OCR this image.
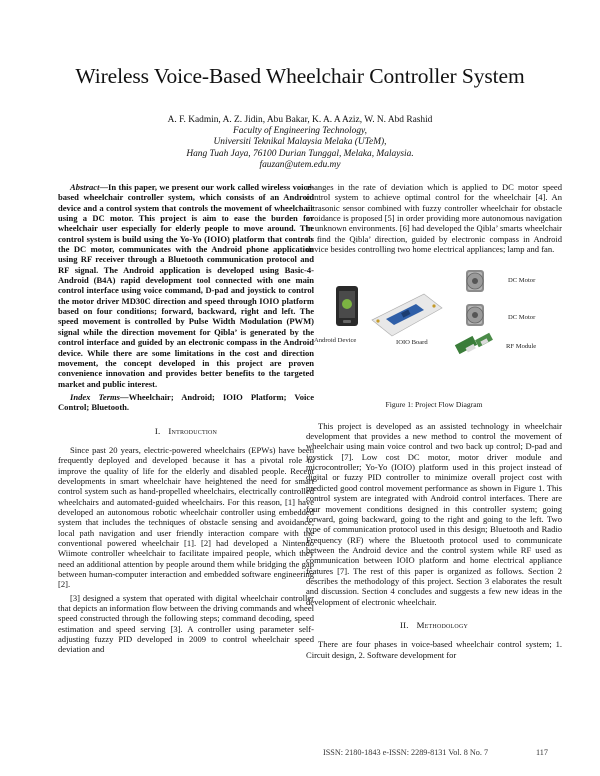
Wireless Voice-Based Wheelchair Controller System
A. F. Kadmin, A. Z. Jidin, Abu Bakar, K. A. A Aziz, W. N. Abd Rashid
Faculty of Engineering Technology,
Universiti Teknikal Malaysia Melaka (UTeM),
Hang Tuah Jaya, 76100 Durian Tunggal, Melaka, Malaysia.
fauzan@utem.edu.my

Abstract—In this paper, we present our work called wireless voice-based wheelchair controller system, which consists of an Android device and a control system that controls the movement of wheelchair using a DC motor. This project is aim to ease the burden for wheelchair user especially for elderly people to move around. The control system is build using the Yo-Yo (IOIO) platform that controls the DC motor, communicates with the Android phone application using RF receiver through a Bluetooth communication protocol and RF signal. The Android application is developed using Basic-4-Android (B4A) rapid development tool connected with one main control interface using voice command, D-pad and joystick to control the motor driver MD30C direction and speed through IOIO platform based on four conditions; forward, backward, right and left. The speed movement is controlled by Pulse Width Modulation (PWM) signal while the direction movement for Qibla’ is generated by the control interface and guided by an electronic compass in the Android device. While there are some limitations in the cost and direction movement, the concept developed in this project are proven convenience innovation and provides better benefits to the targeted market and public interest.

Index Terms—Wheelchair; Android; IOIO Platform; Voice Control; Bluetooth.

I. Introduction

Since past 20 years, electric-powered wheelchairs (EPWs) have been frequently deployed and developed because it has a pivotal role to improve the quality of life for the elderly and disabled people. Recent developments in smart wheelchair have heightened the need for smart control system such as hand-propelled wheelchairs, electrically controlled wheelchairs and automated-guided wheelchairs. For this reason, [1] have developed an autonomous robotic wheelchair controller using embedded system that includes the techniques of obstacle sensing and avoidance, local path navigation and user friendly interaction compare with the conventional powered wheelchair [1]. [2] had developed a Nintendo Wiimote controller wheelchair to facilitate impaired people, which they need an additional attention by people around them while bridging the gap between human-computer interaction and embedded software engineering [2].

[3] designed a system that operated with digital wheelchair controller that depicts an information flow between the driving commands and wheel speed constructed through the following steps; command decoding, speed estimation and speed serving [3]. A controller using parameter self-adjusting fuzzy PID developed in 2009 to control wheelchair speed deviation and

changes in the rate of deviation which is applied to DC motor speed control system to achieve optimal control for the wheelchair [4]. An ultrasonic sensor combined with fuzzy controller wheelchair for obstacle avoidance is proposed [5] in order providing more autonomous navigation in unknown environments. [6] had developed the Qibla’ smarts wheelchair to find the Qibla’ direction, guided by electronic compass in Android device besides controlling two home electrical appliances; lamp and fan.

Android Device	IOIO Board
DC Motor
DC Motor
RF Module

Figure 1: Project Flow Diagram

This project is developed as an assisted technology in wheelchair development that provides a new method to control the movement of wheelchair using main voice control and two back up control; D-pad and joystick [7]. Low cost DC motor, motor driver module and microcontroller; Yo-Yo (IOIO) platform used in this project instead of digital or fuzzy PID controller to minimize overall project cost with predicted good control movement performance as shown in Figure 1. This control system are integrated with Android control interfaces. There are four movement conditions designed in this controller system; going forward, going backward, going to the right and going to the left. Two type of communication protocol used in this design; Bluetooth and Radio Frequency (RF) where the Bluetooth protocol used to communicate between the Android device and the control system while RF used as communication between IOIO platform and home electrical appliance features [7]. The rest of this paper is organized as follows. Section 2 describes the methodology of this project. Section 3 elaborates the result and discussion. Section 4 concludes and suggests a few new ideas in the development of electronic wheelchair.

II. Methodology

There are four phases in voice-based wheelchair control system; 1. Circuit design, 2. Software development for

ISSN: 2180-1843 e-ISSN: 2289-8131 Vol. 8 No. 7	117
